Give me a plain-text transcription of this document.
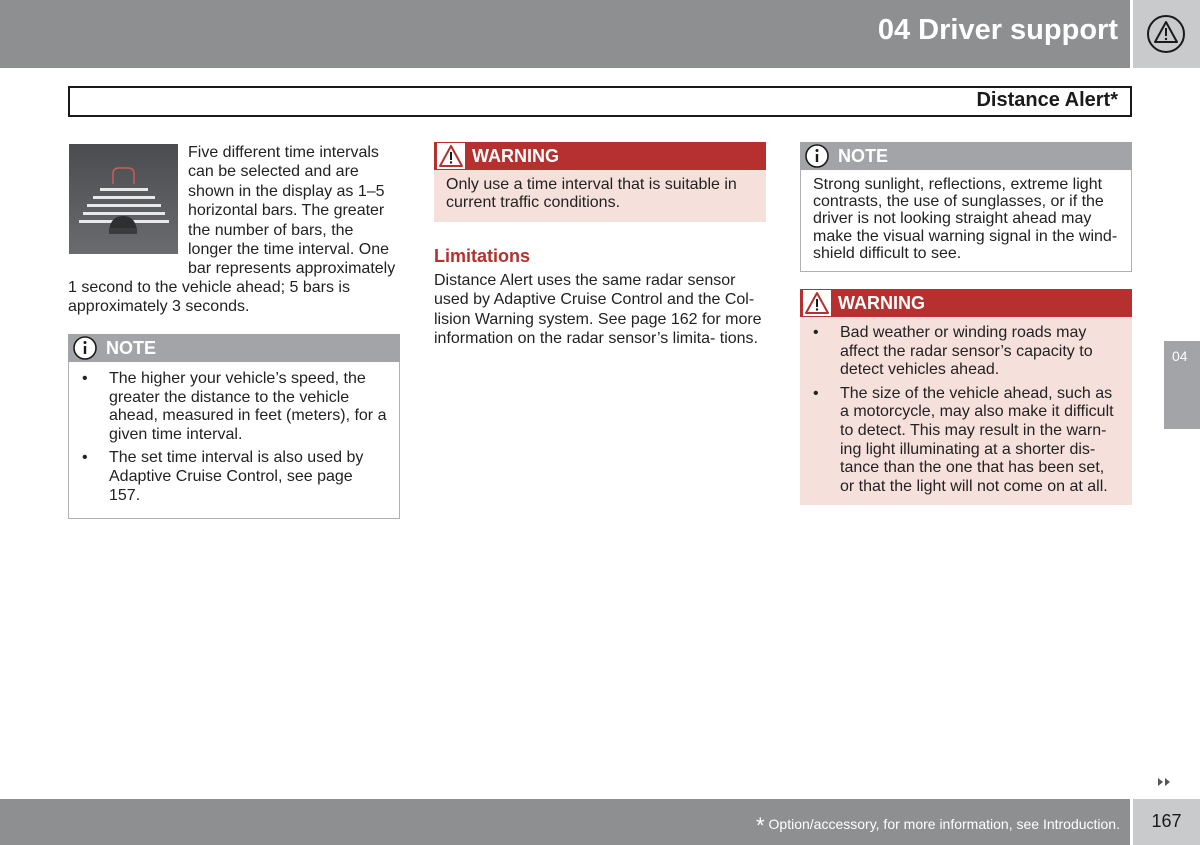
04 Driver support
Distance Alert*
Five different time intervals
can be selected and are
shown in the display as 1–5
horizontal bars. The greater
the number of bars, the
longer the time interval. One
bar represents approximately
1 second to the vehicle ahead; 5 bars is approximately 3 seconds.
NOTE
• The higher your vehicle’s speed, the greater the distance to the vehicle ahead, measured in feet (meters), for a given time interval.
• The set time interval is also used by Adaptive Cruise Control, see page 157.
WARNING
Only use a time interval that is suitable in current traffic conditions.
Limitations
Distance Alert uses the same radar sensor used by Adaptive Cruise Control and the Col- lision Warning system. See page 162 for more information on the radar sensor’s limita- tions.
NOTE
Strong sunlight, reflections, extreme light contrasts, the use of sunglasses, or if the driver is not looking straight ahead may make the visual warning signal in the wind- shield difficult to see.
WARNING
• Bad weather or winding roads may affect the radar sensor’s capacity to detect vehicles ahead.
• The size of the vehicle ahead, such as a motorcycle, may also make it difficult to detect. This may result in the warn- ing light illuminating at a shorter dis- tance than the one that has been set, or that the light will not come on at all.
04
* Option/accessory, for more information, see Introduction.	167
